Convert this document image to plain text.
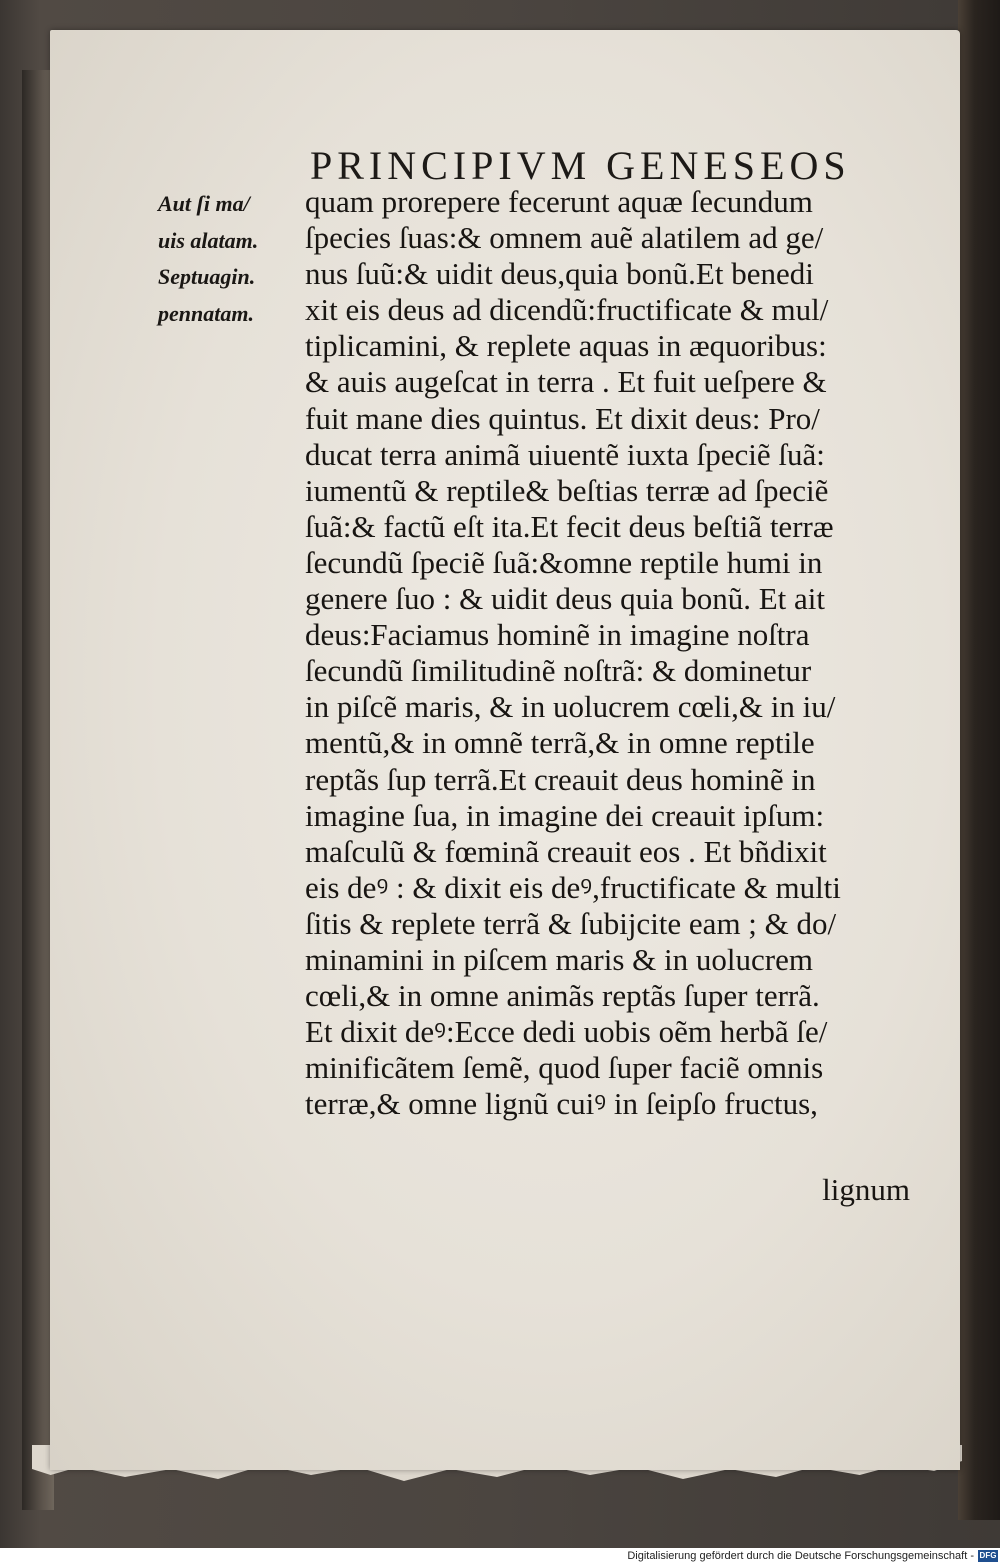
PRINCIPIVM GENESEOS
Aut ſi ma/
uis alatam.
Septuagin.
pennatam.
quam prorepere fecerunt aquæ ſecundum
ſpecies ſuas:& omnem auẽ alatilem ad ge/
nus ſuũ:& uidit deus,quia bonũ.Et benedi
xit eis deus ad dicendũ:fructificate & mul/
tiplicamini, & replete aquas in æquoribus:
& auis augeſcat in terra . Et fuit ueſpere &
fuit mane dies quintus. Et dixit deus: Pro/
ducat terra animã uiuentẽ iuxta ſpeciẽ ſuã:
iumentũ & reptile& beſtias terræ ad ſpeciẽ
ſuã:& factũ eſt ita.Et fecit deus beſtiã terræ
ſecundũ ſpeciẽ ſuã:&omne reptile humi in
genere ſuo : & uidit deus quia bonũ. Et ait
deus:Faciamus hominẽ in imagine noſtra
ſecundũ ſimilitudinẽ noſtrã: & dominetur
in piſcẽ maris, & in uolucrem cœli,& in iu/
mentũ,& in omnẽ terrã,& in omne reptile
reptãs ſup terrã.Et creauit deus hominẽ in
imagine ſua, in imagine dei creauit ipſum:
maſculũ & fœminã creauit eos . Et bñdixit
eis deꝰ : & dixit eis deꝰ,fructificate & multi
ſitis & replete terrã & ſubijcite eam ; & do/
minamini in piſcem maris & in uolucrem
cœli,& in omne animãs reptãs ſuper terrã.
Et dixit deꝰ:Ecce dedi uobis oẽm herbã ſe/
minificãtem ſemẽ, quod ſuper faciẽ omnis
terræ,& omne lignũ cuiꝰ in ſeipſo fructus,
lignum
Digitalisierung gefördert durch die Deutsche Forschungsgemeinschaft - DFG
